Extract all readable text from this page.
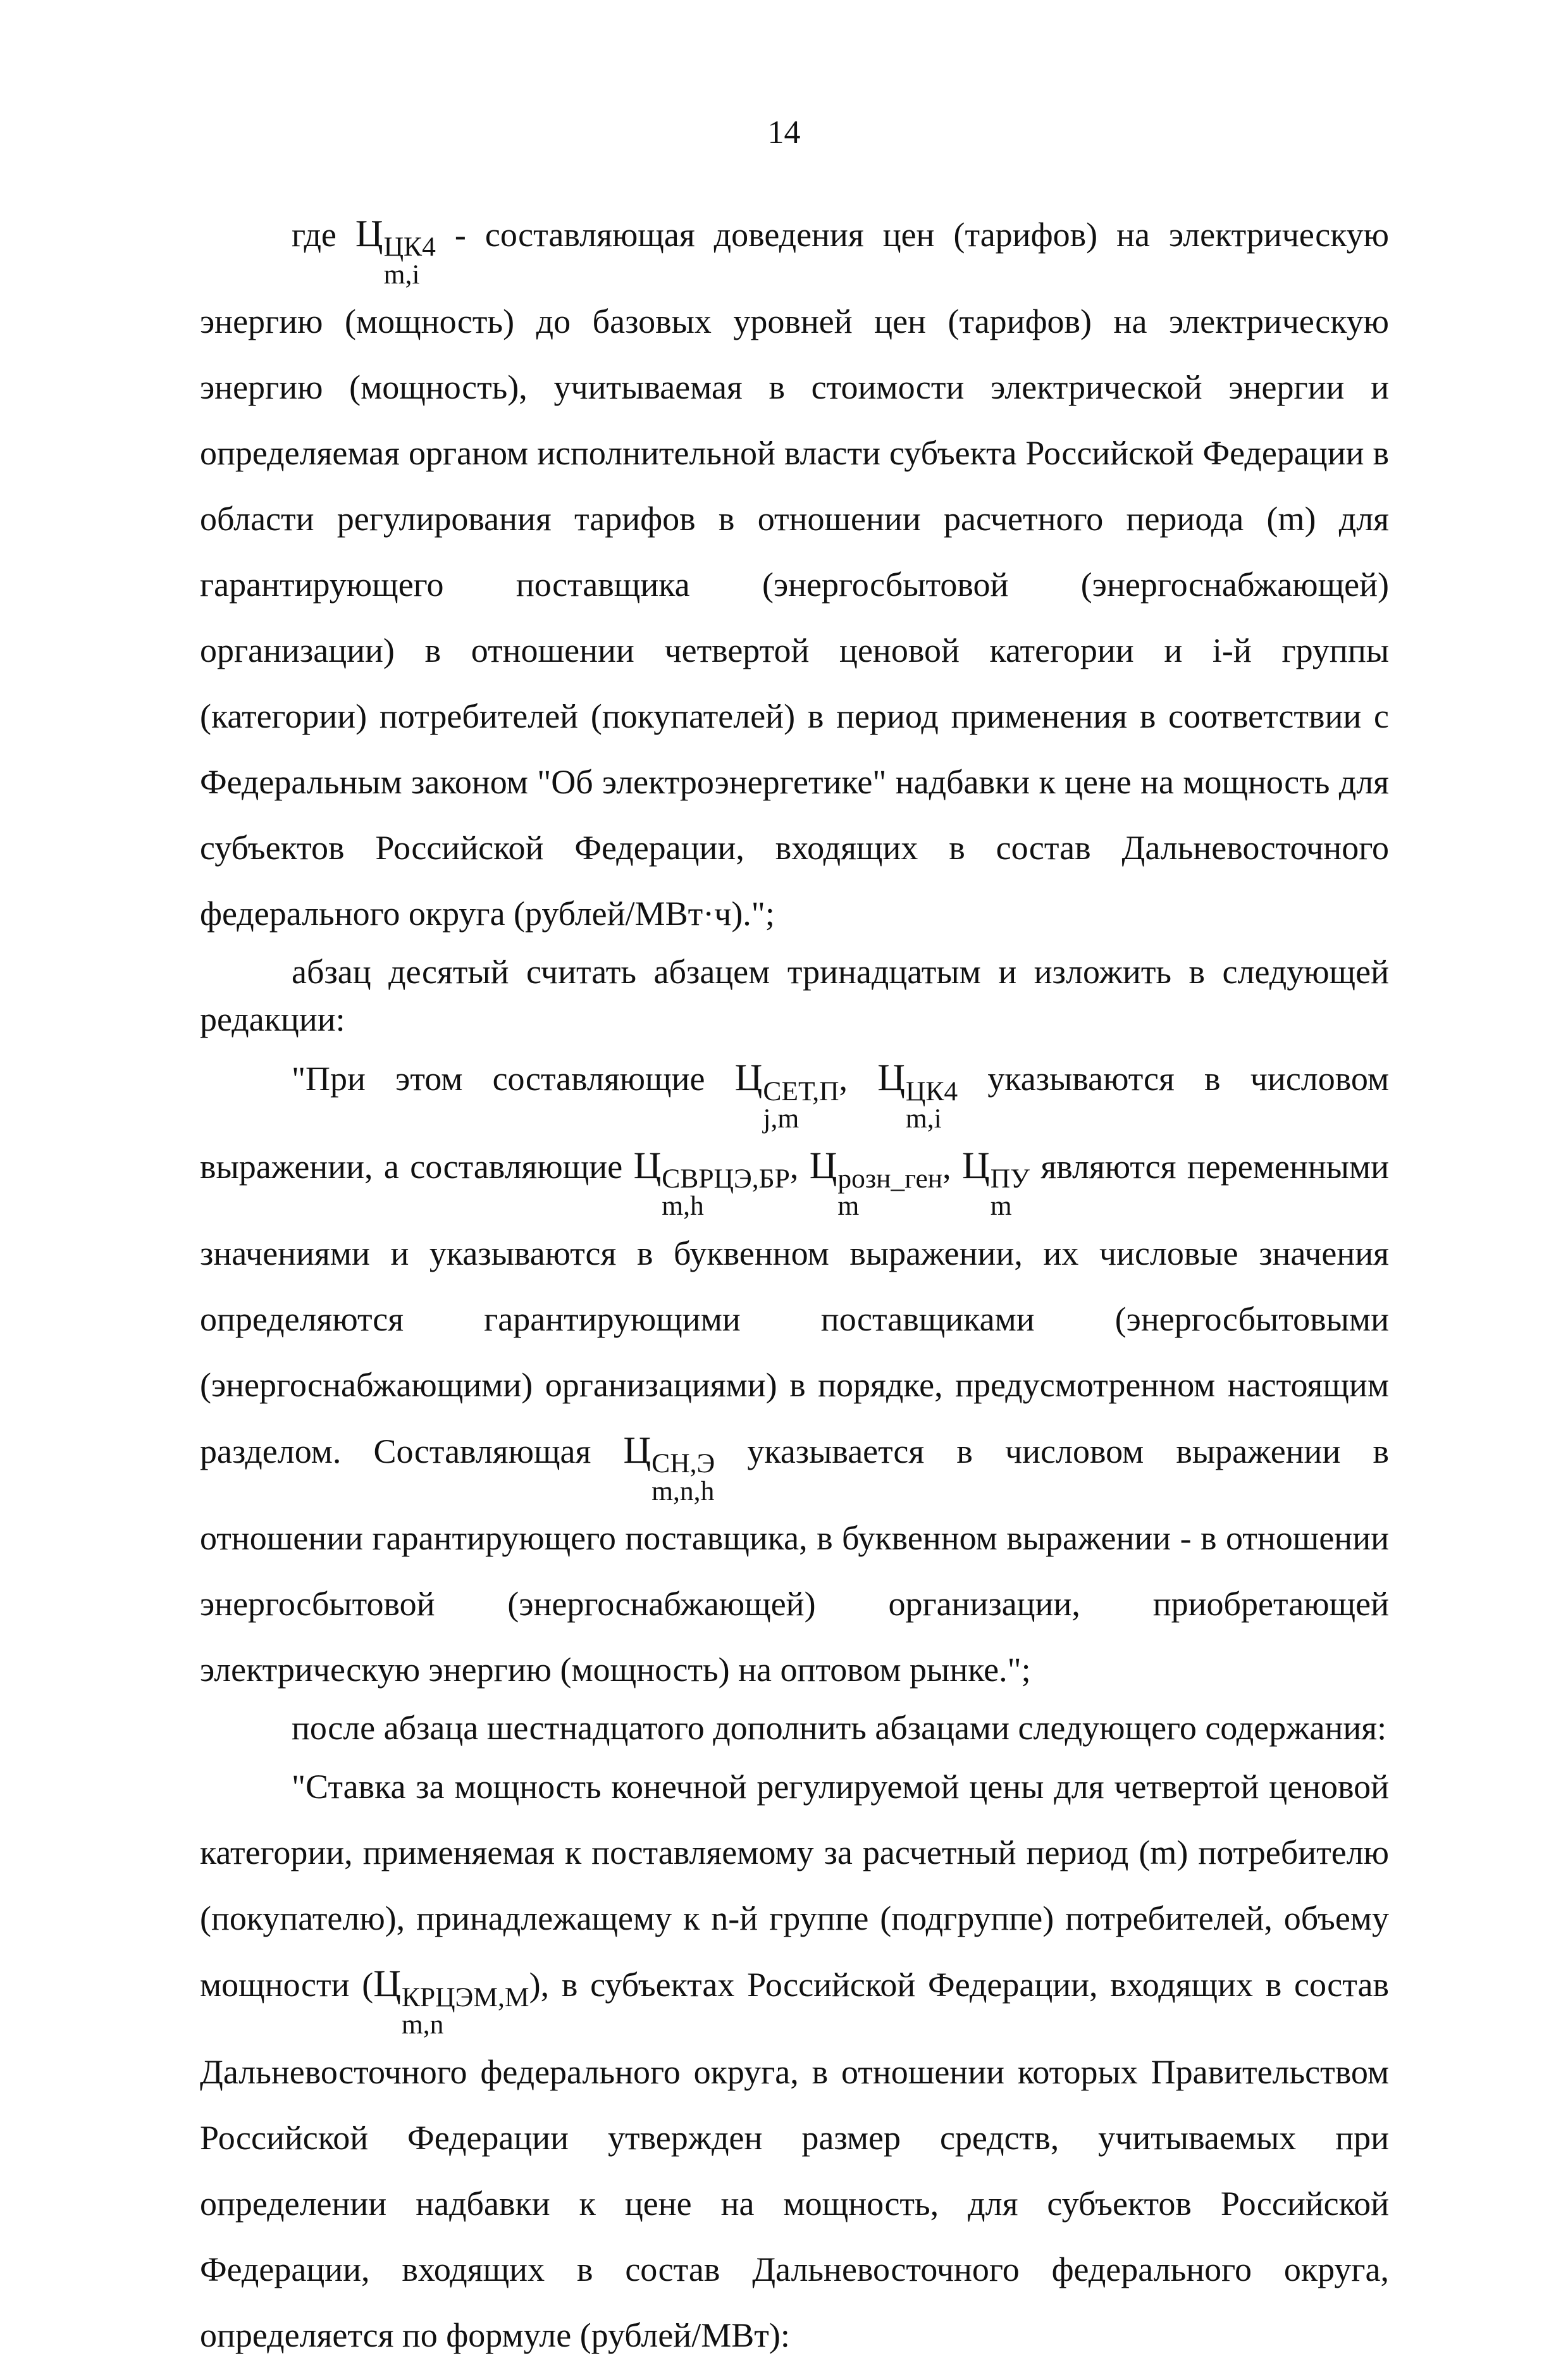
14

где Ц ЦК4
m,i
- составляющая доведения цен (тарифов) на электрическую энергию (мощность) до базовых уровней цен (тарифов) на электрическую энергию (мощность), учитываемая в стоимости электрической энергии и определяемая органом исполнительной власти субъекта Российской Федерации в области регулирования тарифов в отношении расчетного периода (m) для гарантирующего поставщика (энергосбытовой (энергоснабжающей) организации) в отношении четвертой ценовой категории и i-й группы (категории) потребителей (покупателей) в период применения в соответствии с Федеральным законом "Об электроэнергетике" надбавки к цене на мощность для субъектов Российской Федерации, входящих в состав Дальневосточного федерального округа (рублей/МВт·ч).";

абзац десятый считать абзацем тринадцатым и изложить в следующей редакции:

"При этом составляющие Ц СЕТ,П
j,m
, Ц ЦК4
m,i
указываются в числовом выражении, а составляющие Ц СВРЦЭ,БР
m,h
, Ц розн_ген
m
, Ц ПУ
m
являются переменными значениями и указываются в буквенном выражении, их числовые значения определяются гарантирующими поставщиками (энергосбытовыми (энергоснабжающими) организациями) в порядке, предусмотренном настоящим разделом. Составляющая Ц СН,Э
m,n,h
указывается в числовом выражении в отношении гарантирующего поставщика, в буквенном выражении - в отношении энергосбытовой (энергоснабжающей) организации, приобретающей электрическую энергию (мощность) на оптовом рынке.";

после абзаца шестнадцатого дополнить абзацами следующего содержания:

"Ставка за мощность конечной регулируемой цены для четвертой ценовой категории, применяемая к поставляемому за расчетный период (m) потребителю (покупателю), принадлежащему к n-й группе (подгруппе) потребителей, объему мощности (Ц КРЦЭМ,М
m,n
), в субъектах Российской Федерации, входящих в состав Дальневосточного федерального округа, в отношении которых Правительством Российской Федерации утвержден размер средств, учитываемых при определении надбавки к цене на мощность, для субъектов Российской Федерации, входящих в состав Дальневосточного федерального округа, определяется по формуле (рублей/МВт):
